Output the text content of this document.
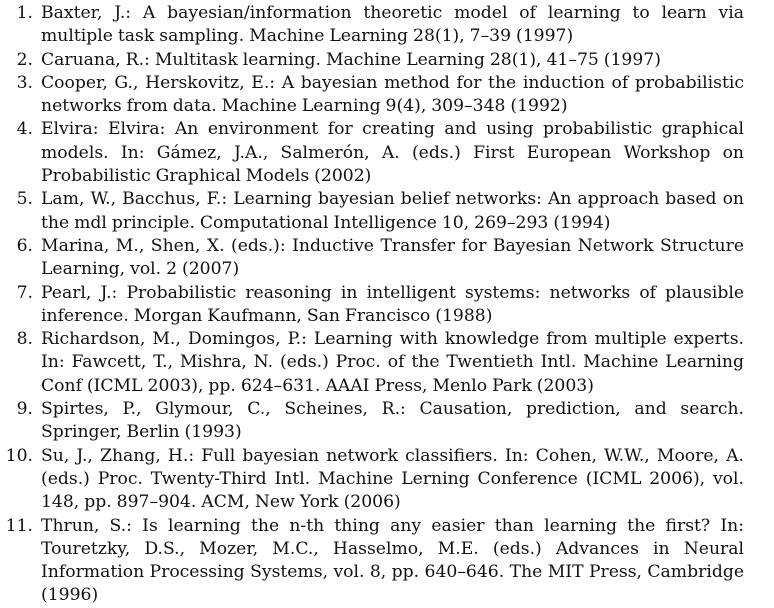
1. Baxter, J.: A bayesian/information theoretic model of learning to learn via multiple task sampling. Machine Learning 28(1), 7–39 (1997)
2. Caruana, R.: Multitask learning. Machine Learning 28(1), 41–75 (1997)
3. Cooper, G., Herskovitz, E.: A bayesian method for the induction of probabilistic networks from data. Machine Learning 9(4), 309–348 (1992)
4. Elvira: Elvira: An environment for creating and using probabilistic graphical models. In: Gámez, J.A., Salmerón, A. (eds.) First European Workshop on Probabilistic Graphical Models (2002)
5. Lam, W., Bacchus, F.: Learning bayesian belief networks: An approach based on the mdl principle. Computational Intelligence 10, 269–293 (1994)
6. Marina, M., Shen, X. (eds.): Inductive Transfer for Bayesian Network Structure Learning, vol. 2 (2007)
7. Pearl, J.: Probabilistic reasoning in intelligent systems: networks of plausible inference. Morgan Kaufmann, San Francisco (1988)
8. Richardson, M., Domingos, P.: Learning with knowledge from multiple experts. In: Fawcett, T., Mishra, N. (eds.) Proc. of the Twentieth Intl. Machine Learning Conf (ICML 2003), pp. 624–631. AAAI Press, Menlo Park (2003)
9. Spirtes, P., Glymour, C., Scheines, R.: Causation, prediction, and search. Springer, Berlin (1993)
10. Su, J., Zhang, H.: Full bayesian network classifiers. In: Cohen, W.W., Moore, A. (eds.) Proc. Twenty-Third Intl. Machine Lerning Conference (ICML 2006), vol. 148, pp. 897–904. ACM, New York (2006)
11. Thrun, S.: Is learning the n-th thing any easier than learning the first? In: Touretzky, D.S., Mozer, M.C., Hasselmo, M.E. (eds.) Advances in Neural Information Processing Systems, vol. 8, pp. 640–646. The MIT Press, Cambridge (1996)
